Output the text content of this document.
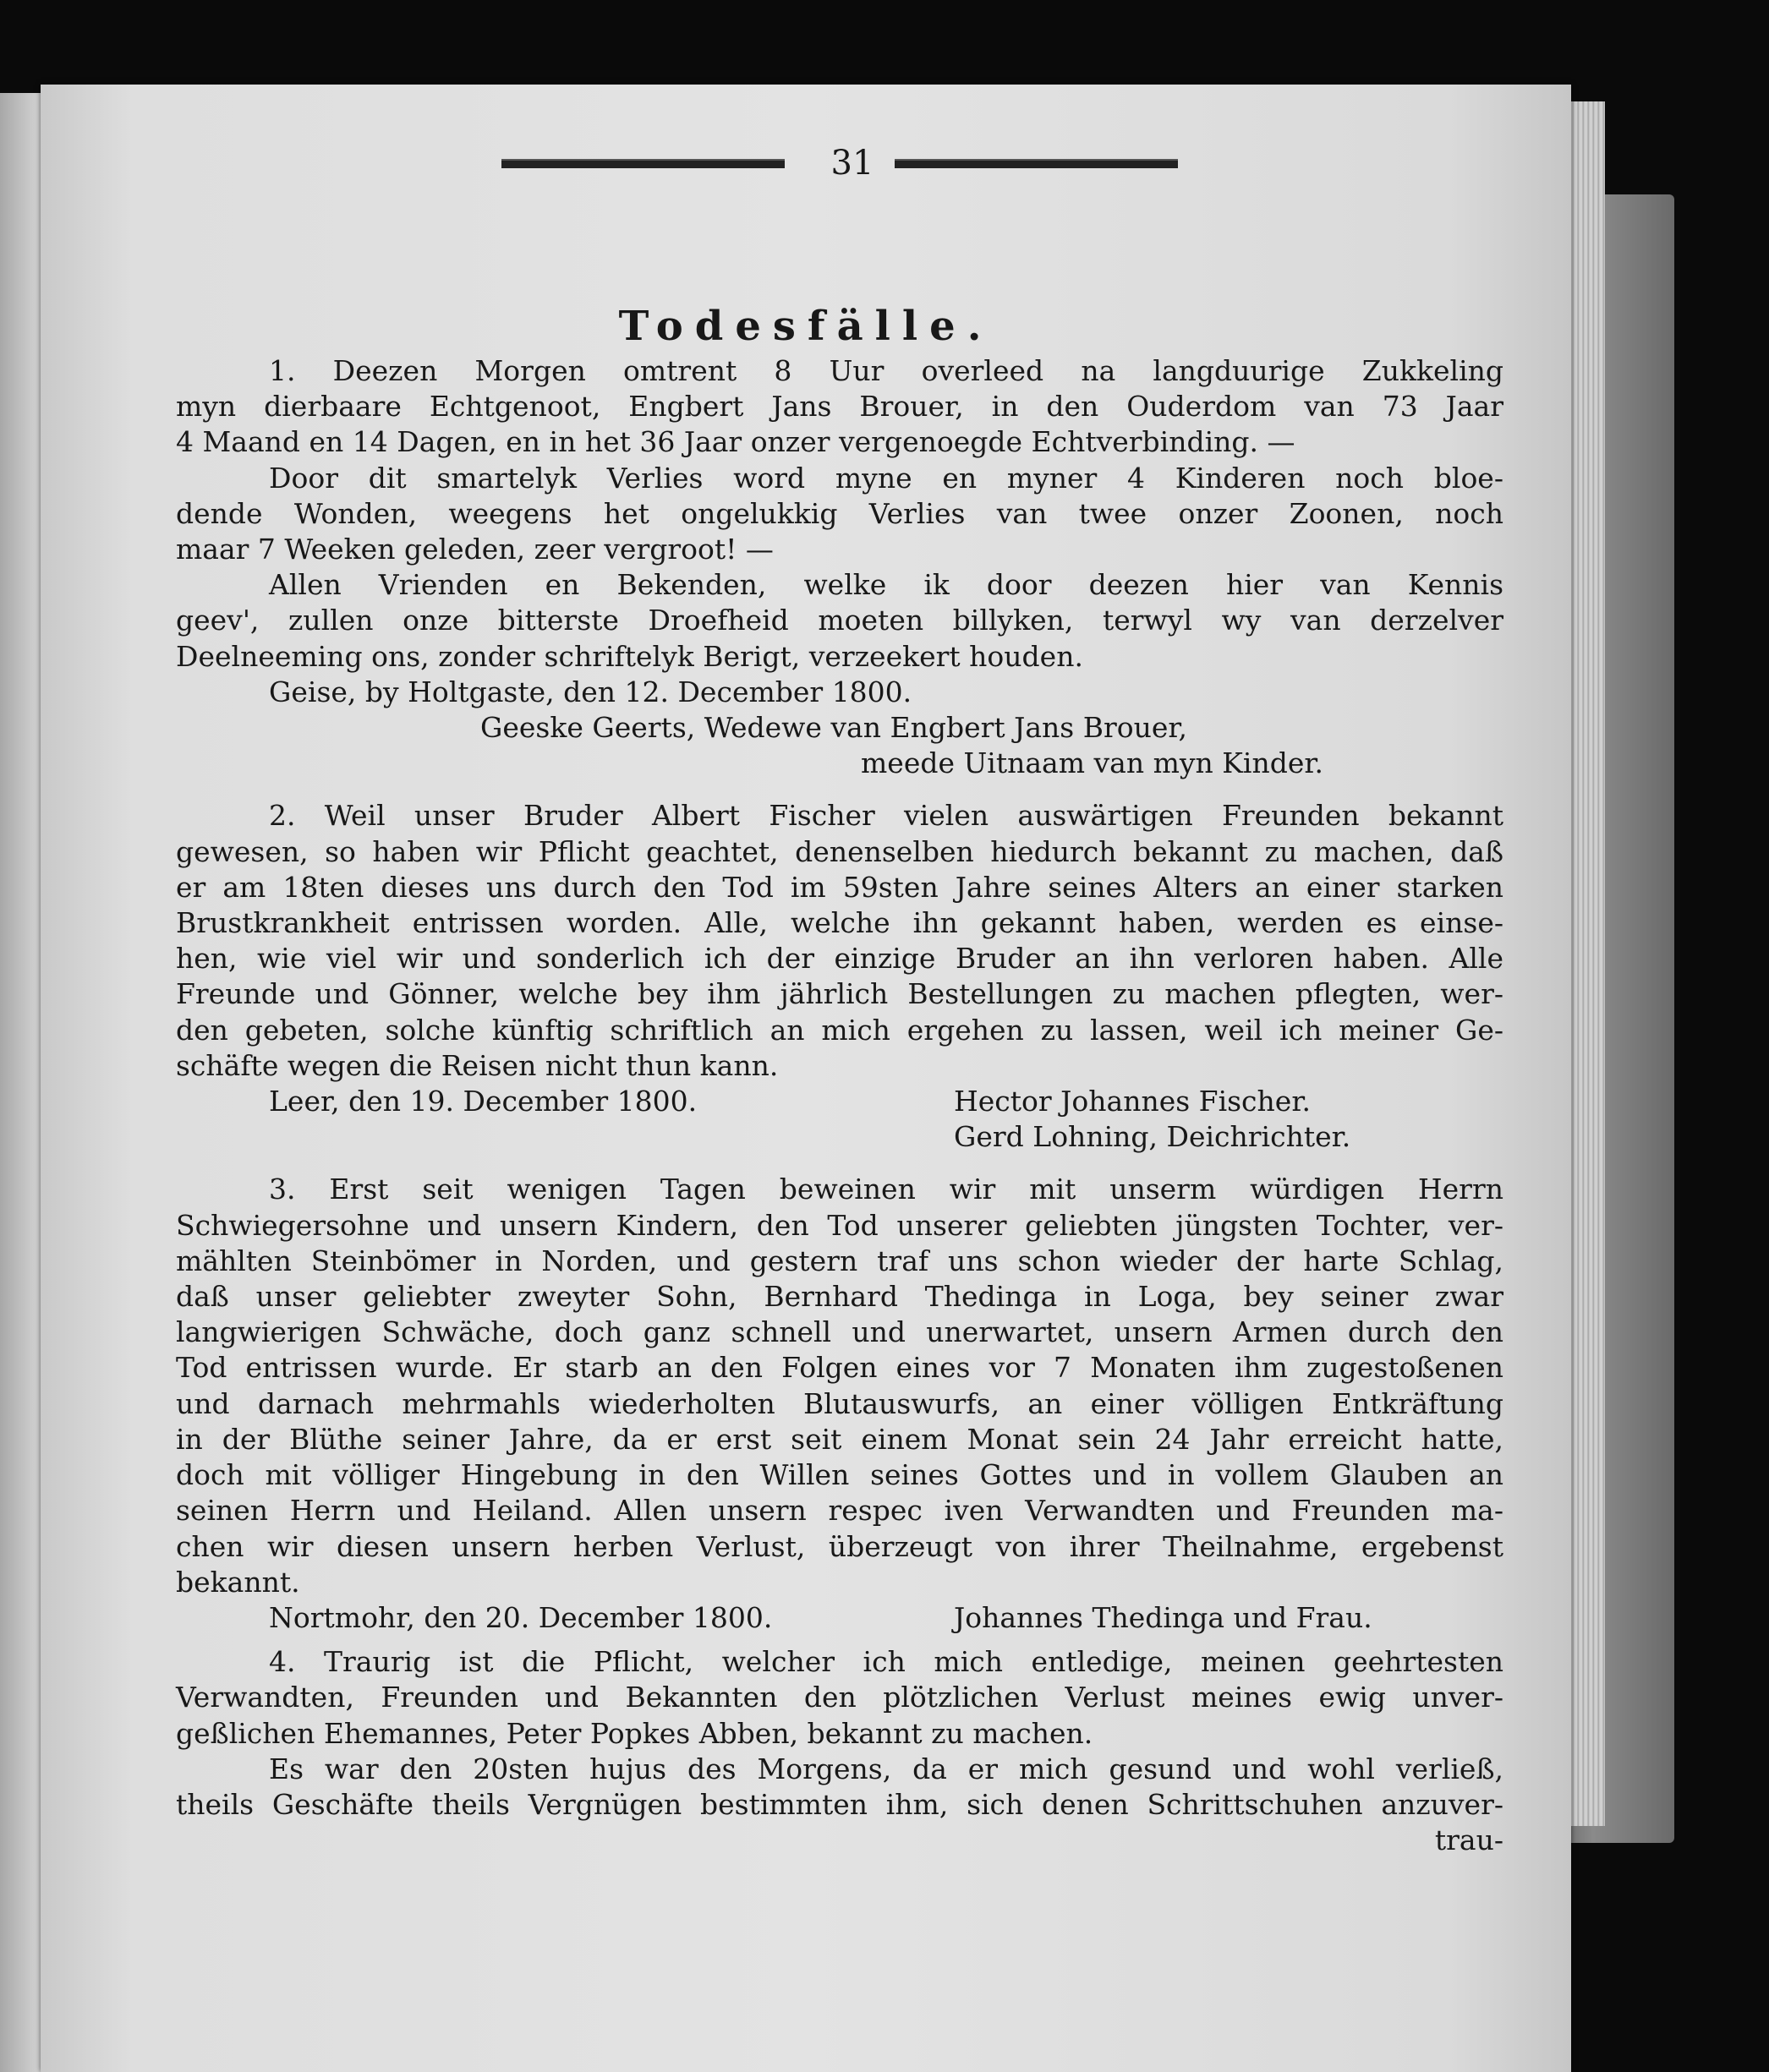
31
Todesfälle.

1. Deezen Morgen omtrent 8 Uur overleed na langduurige Zukkeling

myn dierbaare Echtgenoot, Engbert Jans Brouer, in den Ouderdom van 73 Jaar

4 Maand en 14 Dagen, en in het 36 Jaar onzer vergenoegde Echtverbinding. —

Door dit smartelyk Verlies word myne en myner 4 Kinderen noch bloe-

dende Wonden, weegens het ongelukkig Verlies van twee onzer Zoonen, noch

maar 7 Weeken geleden, zeer vergroot! —

Allen Vrienden en Bekenden, welke ik door deezen hier van Kennis

geev', zullen onze bitterste Droefheid moeten billyken, terwyl wy van derzelver

Deelneeming ons, zonder schriftelyk Berigt, verzeekert houden.

Geise, by Holtgaste, den 12. December 1800.

Geeske Geerts, Wedewe van Engbert Jans Brouer,

meede Uitnaam van myn Kinder.

2. Weil unser Bruder Albert Fischer vielen auswärtigen Freunden bekannt

gewesen, so haben wir Pflicht geachtet, denenselben hiedurch bekannt zu machen, daß

er am 18ten dieses uns durch den Tod im 59sten Jahre seines Alters an einer starken

Brustkrankheit entrissen worden. Alle, welche ihn gekannt haben, werden es einse-

hen, wie viel wir und sonderlich ich der einzige Bruder an ihn verloren haben. Alle

Freunde und Gönner, welche bey ihm jährlich Bestellungen zu machen pflegten, wer-

den gebeten, solche künftig schriftlich an mich ergehen zu lassen, weil ich meiner Ge-

schäfte wegen die Reisen nicht thun kann.

Leer, den 19. December 1800.	Hector Johannes Fischer.

Gerd Lohning, Deichrichter.

3. Erst seit wenigen Tagen beweinen wir mit unserm würdigen Herrn

Schwiegersohne und unsern Kindern, den Tod unserer geliebten jüngsten Tochter, ver-

mählten Steinbömer in Norden, und gestern traf uns schon wieder der harte Schlag,

daß unser geliebter zweyter Sohn, Bernhard Thedinga in Loga, bey seiner zwar

langwierigen Schwäche, doch ganz schnell und unerwartet, unsern Armen durch den

Tod entrissen wurde. Er starb an den Folgen eines vor 7 Monaten ihm zugestoßenen

und darnach mehrmahls wiederholten Blutauswurfs, an einer völligen Entkräftung

in der Blüthe seiner Jahre, da er erst seit einem Monat sein 24 Jahr erreicht hatte,

doch mit völliger Hingebung in den Willen seines Gottes und in vollem Glauben an

seinen Herrn und Heiland. Allen unsern respec iven Verwandten und Freunden ma-

chen wir diesen unsern herben Verlust, überzeugt von ihrer Theilnahme, ergebenst

bekannt.

Nortmohr, den 20. December 1800.	Johannes Thedinga und Frau.

4. Traurig ist die Pflicht, welcher ich mich entledige, meinen geehrtesten

Verwandten, Freunden und Bekannten den plötzlichen Verlust meines ewig unver-

geßlichen Ehemannes, Peter Popkes Abben, bekannt zu machen.

Es war den 20sten hujus des Morgens, da er mich gesund und wohl verließ,

theils Geschäfte theils Vergnügen bestimmten ihm, sich denen Schrittschuhen anzuver-

trau-
